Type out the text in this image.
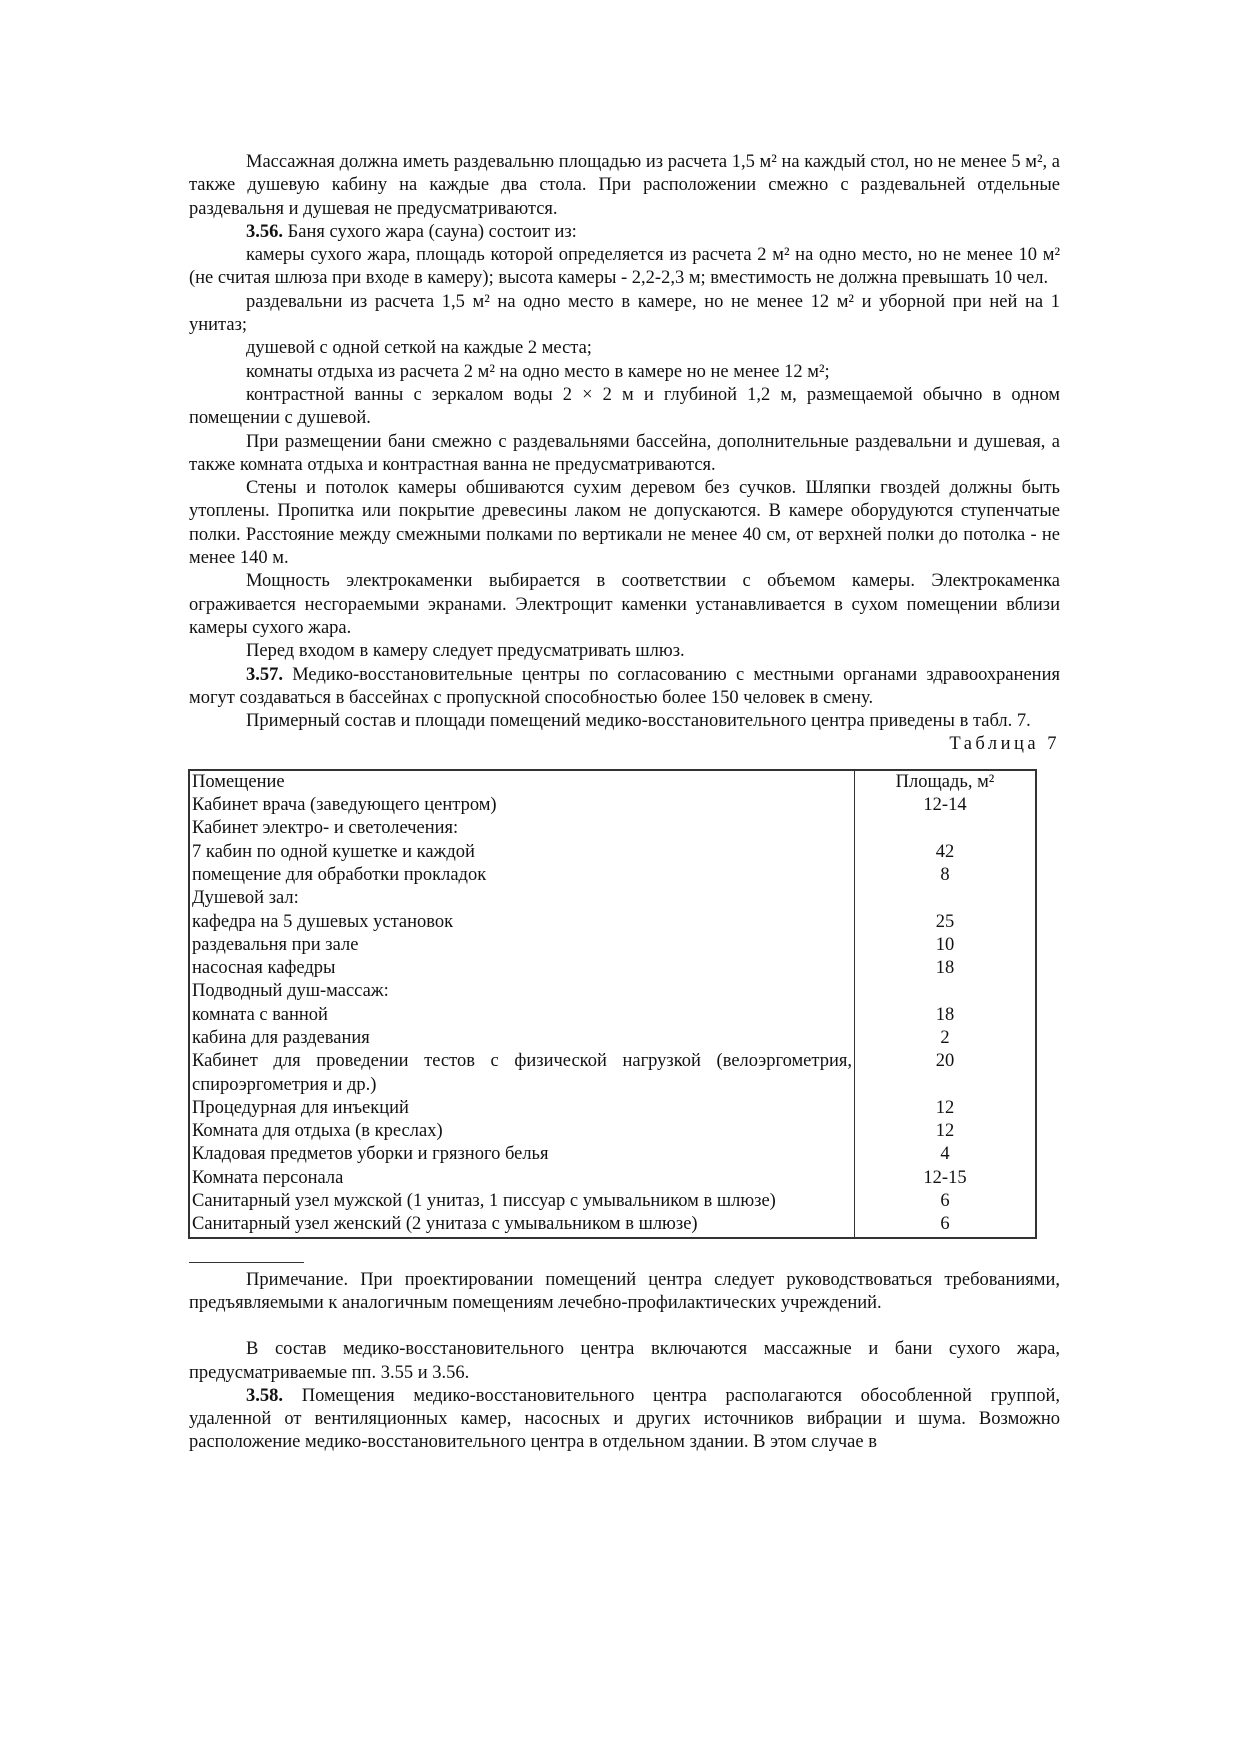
Массажная должна иметь раздевальню площадью из расчета 1,5 м² на каждый стол, но не менее 5 м², а также душевую кабину на каждые два стола. При расположении смежно с раздевальней отдельные раздевальня и душевая не предусматриваются.

3.56. Баня сухого жара (сауна) состоит из:

камеры сухого жара, площадь которой определяется из расчета 2 м² на одно место, но не менее 10 м² (не считая шлюза при входе в камеру); высота камеры - 2,2-2,3 м; вместимость не должна превышать 10 чел.

раздевальни из расчета 1,5 м² на одно место в камере, но не менее 12 м² и уборной при ней на 1 унитаз;

душевой с одной сеткой на каждые 2 места;

комнаты отдыха из расчета 2 м² на одно место в камере но не менее 12 м²;

контрастной ванны с зеркалом воды 2 × 2 м и глубиной 1,2 м, размещаемой обычно в одном помещении с душевой.

При размещении бани смежно с раздевальнями бассейна, дополнительные раздевальни и душевая, а также комната отдыха и контрастная ванна не предусматриваются.

Стены и потолок камеры обшиваются сухим деревом без сучков. Шляпки гвоздей должны быть утоплены. Пропитка или покрытие древесины лаком не допускаются. В камере оборудуются ступенчатые полки. Расстояние между смежными полками по вертикали не менее 40 см, от верхней полки до потолка - не менее 140 м.

Мощность электрокаменки выбирается в соответствии с объемом камеры. Электрокаменка ограживается несгораемыми экранами. Электрощит каменки устанавливается в сухом помещении вблизи камеры сухого жара.

Перед входом в камеру следует предусматривать шлюз.

3.57. Медико-восстановительные центры по согласованию с местными органами здравоохранения могут создаваться в бассейнах с пропускной способностью более 150 человек в смену.

Примерный состав и площади помещений медико-восстановительного центра приведены в табл. 7.

Таблица 7

Помещение	Площадь, м²
Кабинет врача (заведующего центром)	12-14
Кабинет электро- и светолечения:	
7 кабин по одной кушетке и каждой	42
помещение для обработки прокладок	8
Душевой зал:	
кафедра на 5 душевых установок	25
раздевальня при зале	10
насосная кафедры	18
Подводный душ-массаж:	
комната с ванной	18
кабина для раздевания	2
Кабинет для проведении тестов с физической нагрузкой (велоэргометрия, спироэргометрия и др.)	20
Процедурная для инъекций	12
Комната для отдыха (в креслах)	12
Кладовая предметов уборки и грязного белья	4
Комната персонала	12-15
Санитарный узел мужской (1 унитаз, 1 писсуар с умывальником в шлюзе)	6
Санитарный узел женский (2 унитаза с умывальником в шлюзе)	6

Примечание. При проектировании помещений центра следует руководствоваться требованиями, предъявляемыми к аналогичным помещениям лечебно-профилактических учреждений.

В состав медико-восстановительного центра включаются массажные и бани сухого жара, предусматриваемые пп. 3.55 и 3.56.

3.58. Помещения медико-восстановительного центра располагаются обособленной группой, удаленной от вентиляционных камер, насосных и других источников вибрации и шума. Возможно расположение медико-восстановительного центра в отдельном здании. В этом случае в
